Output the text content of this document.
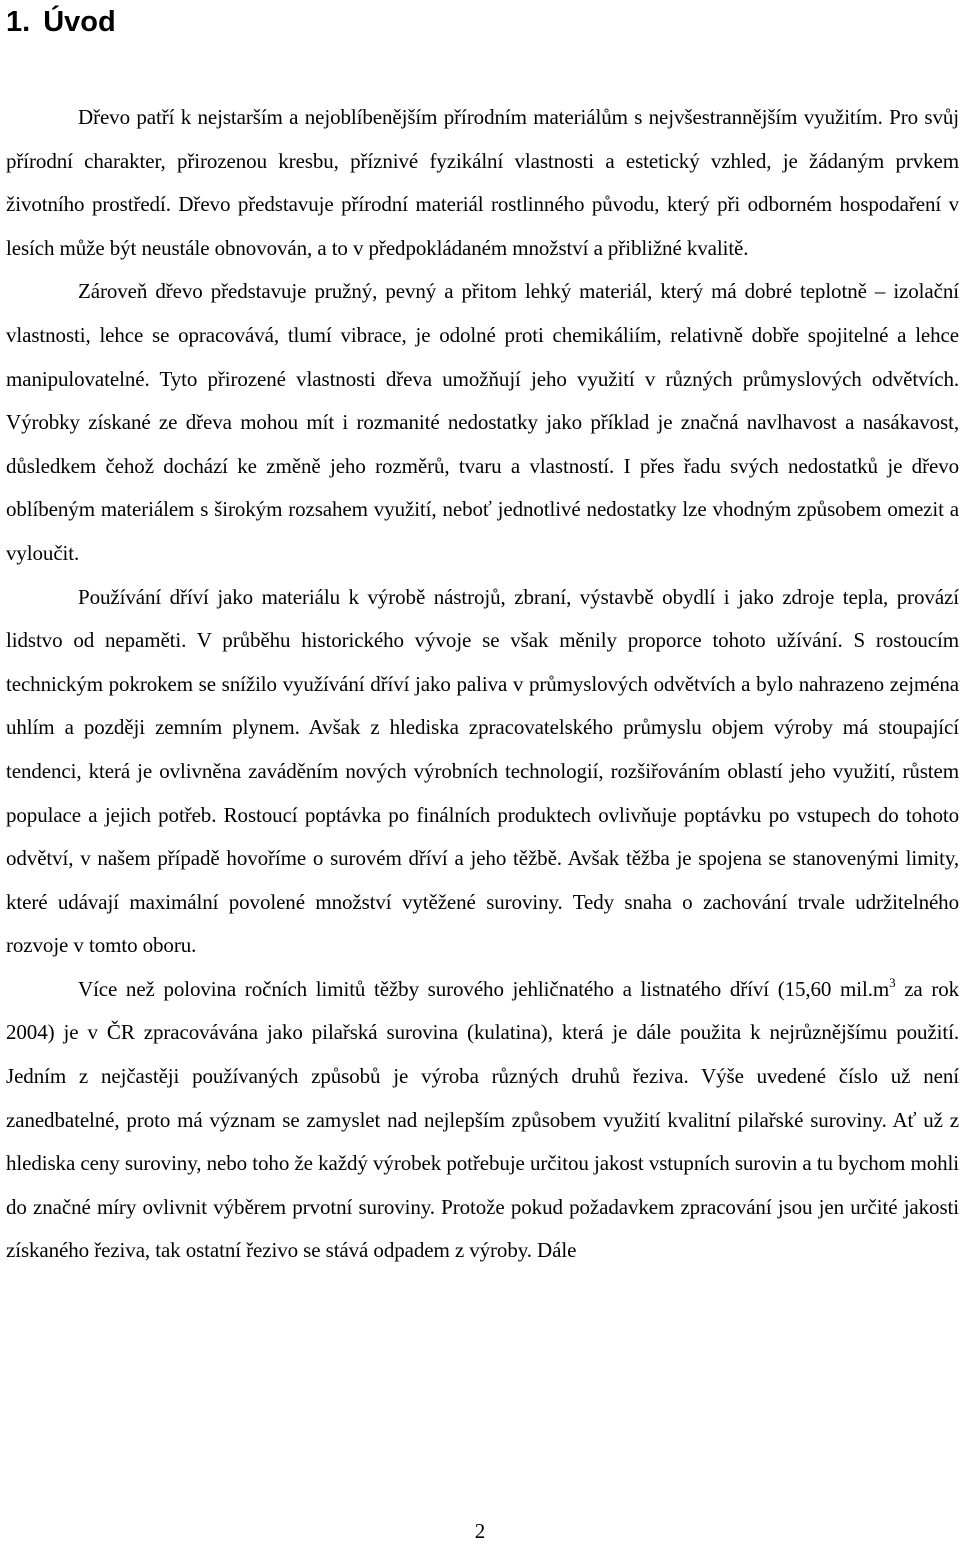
1. Úvod

Dřevo patří k nejstarším a nejoblíbenějším přírodním materiálům s nejvšestrannějším využitím. Pro svůj přírodní charakter, přirozenou kresbu, příznivé fyzikální vlastnosti a estetický vzhled, je žádaným prvkem životního prostředí. Dřevo představuje přírodní materiál rostlinného původu, který při odborném hospodaření v lesích může být neustále obnovován, a to v předpokládaném množství a přibližné kvalitě.

Zároveň dřevo představuje pružný, pevný a přitom lehký materiál, který má dobré teplotně – izolační vlastnosti, lehce se opracovává, tlumí vibrace, je odolné proti chemikáliím, relativně dobře spojitelné a lehce manipulovatelné. Tyto přirozené vlastnosti dřeva umožňují jeho využití v různých průmyslových odvětvích. Výrobky získané ze dřeva mohou mít i rozmanité nedostatky jako příklad je značná navlhavost a nasákavost, důsledkem čehož dochází ke změně jeho rozměrů, tvaru a vlastností. I přes řadu svých nedostatků je dřevo oblíbeným materiálem s širokým rozsahem využití, neboť jednotlivé nedostatky lze vhodným způsobem omezit a vyloučit.

Používání dříví jako materiálu k výrobě nástrojů, zbraní, výstavbě obydlí i jako zdroje tepla, provází lidstvo od nepaměti. V průběhu historického vývoje se však měnily proporce tohoto užívání. S rostoucím technickým pokrokem se snížilo využívání dříví jako paliva v průmyslových odvětvích a bylo nahrazeno zejména uhlím a později zemním plynem. Avšak z hlediska zpracovatelského průmyslu objem výroby má stoupající tendenci, která je ovlivněna zaváděním nových výrobních technologií, rozšiřováním oblastí jeho využití, růstem populace a jejich potřeb. Rostoucí poptávka po finálních produktech ovlivňuje poptávku po vstupech do tohoto odvětví, v našem případě hovoříme o surovém dříví a jeho těžbě. Avšak těžba je spojena se stanovenými limity, které udávají maximální povolené množství vytěžené suroviny. Tedy snaha o zachování trvale udržitelného rozvoje v tomto oboru.

Více než polovina ročních limitů těžby surového jehličnatého a listnatého dříví (15,60 $mil.m^3$ za rok 2004) je v ČR zpracovávána jako pilařská surovina (kulatina), která je dále použita k nejrůznějšímu použití. Jedním z nejčastěji používaných způsobů je výroba různých druhů řeziva. Výše uvedené číslo už není zanedbatelné, proto má význam se zamyslet nad nejlepším způsobem využití kvalitní pilařské suroviny. Ať už z hlediska ceny suroviny, nebo toho že každý výrobek potřebuje určitou jakost vstupních surovin a tu bychom mohli do značné míry ovlivnit výběrem prvotní suroviny. Protože pokud požadavkem zpracování jsou jen určité jakosti získaného řeziva, tak ostatní řezivo se stává odpadem z výroby. Dále

2
